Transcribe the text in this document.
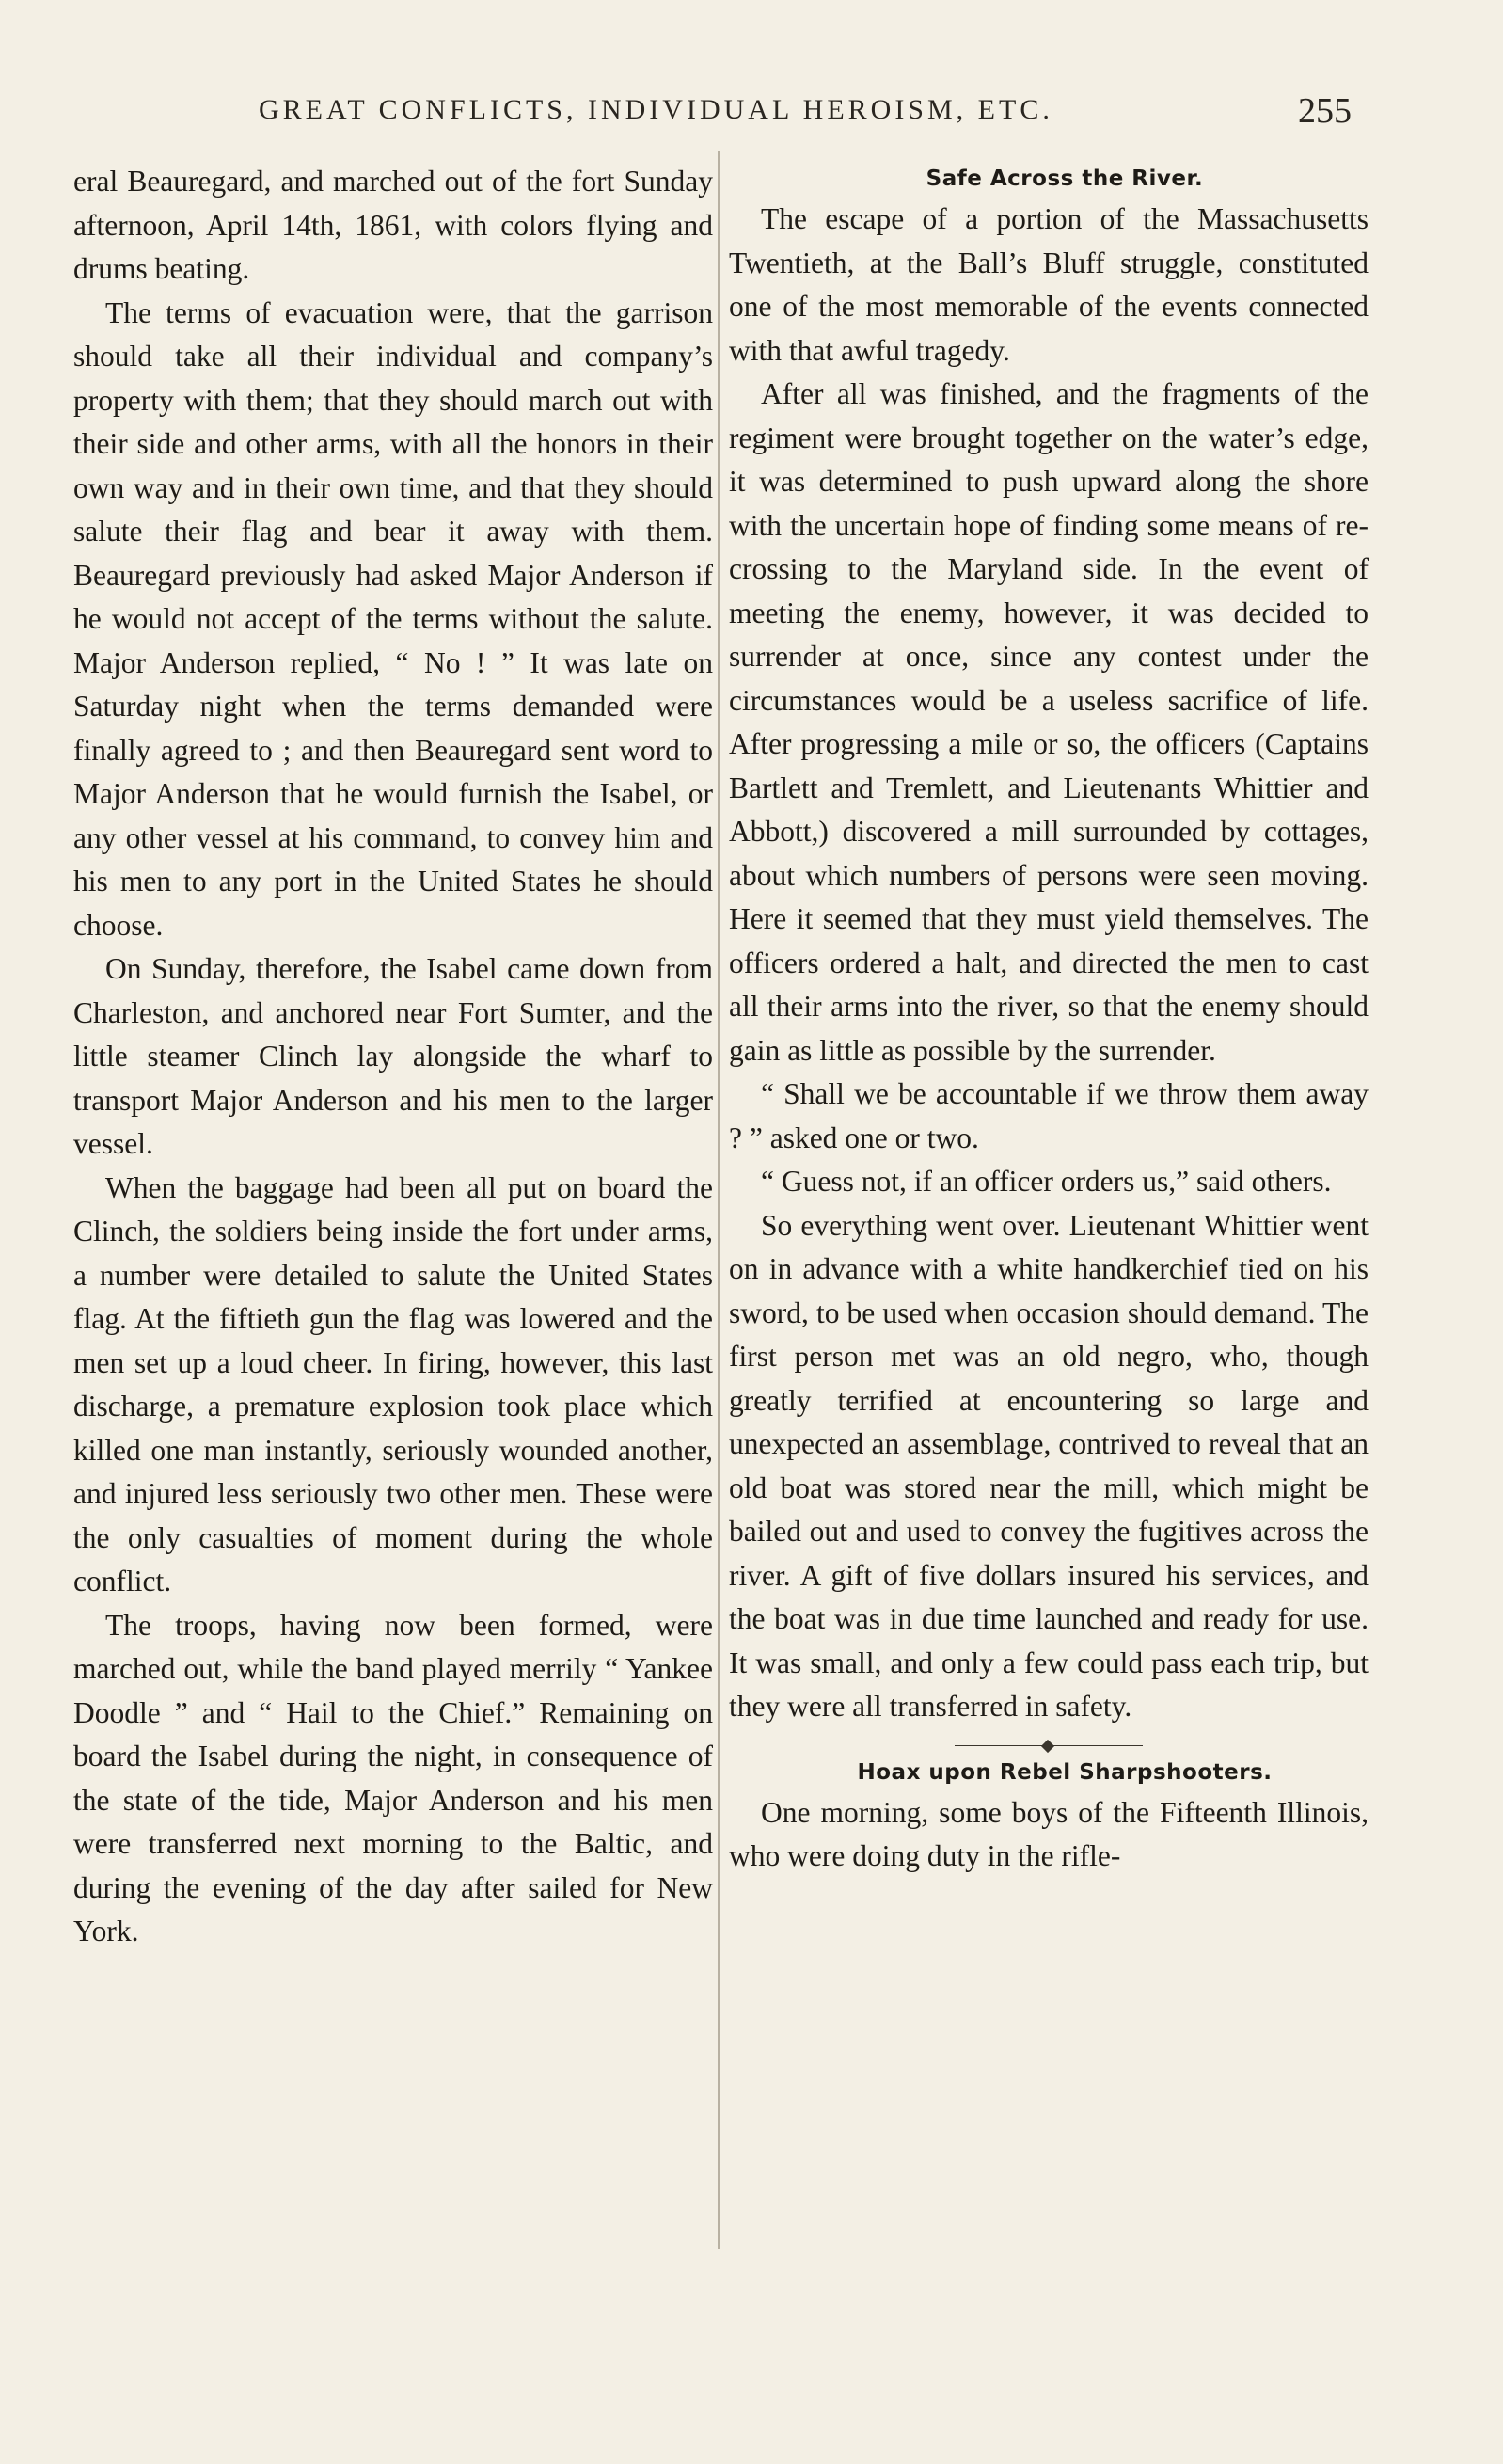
GREAT CONFLICTS, INDIVIDUAL HEROISM, ETC.	255

eral Beauregard, and marched out of the fort Sunday afternoon, April 14th, 1861, with colors flying and drums beating.

The terms of evacuation were, that the garrison should take all their individual and company’s property with them; that they should march out with their side and other arms, with all the honors in their own way and in their own time, and that they should salute their flag and bear it away with them. Beauregard previously had asked Major Anderson if he would not accept of the terms without the salute. Major Anderson replied, “ No ! ” It was late on Saturday night when the terms demanded were finally agreed to ; and then Beauregard sent word to Major Anderson that he would furnish the Isabel, or any other vessel at his command, to convey him and his men to any port in the United States he should choose.

On Sunday, therefore, the Isabel came down from Charleston, and anchored near Fort Sumter, and the little steamer Clinch lay alongside the wharf to transport Major Anderson and his men to the larger vessel.

When the baggage had been all put on board the Clinch, the soldiers being inside the fort under arms, a number were detailed to salute the United States flag. At the fiftieth gun the flag was lowered and the men set up a loud cheer. In firing, however, this last discharge, a premature explosion took place which killed one man instantly, seriously wounded another, and injured less seriously two other men. These were the only casualties of moment during the whole conflict.

The troops, having now been formed, were marched out, while the band played merrily “ Yankee Doodle ” and “ Hail to the Chief.” Remaining on board the Isabel during the night, in consequence of the state of the tide, Major Anderson and his men were transferred next morning to the Baltic, and during the evening of the day after sailed for New York.

Safe Across the River.

The escape of a portion of the Massachusetts Twentieth, at the Ball’s Bluff struggle, constituted one of the most memorable of the events connected with that awful tragedy.

After all was finished, and the fragments of the regiment were brought together on the water’s edge, it was determined to push upward along the shore with the uncertain hope of finding some means of re-crossing to the Maryland side. In the event of meeting the enemy, however, it was decided to surrender at once, since any contest under the circumstances would be a useless sacrifice of life. After progressing a mile or so, the officers (Captains Bartlett and Tremlett, and Lieutenants Whittier and Abbott,) discovered a mill surrounded by cottages, about which numbers of persons were seen moving. Here it seemed that they must yield themselves. The officers ordered a halt, and directed the men to cast all their arms into the river, so that the enemy should gain as little as possible by the surrender.

“ Shall we be accountable if we throw them away ? ” asked one or two.

“ Guess not, if an officer orders us,” said others.

So everything went over. Lieutenant Whittier went on in advance with a white handkerchief tied on his sword, to be used when occasion should demand. The first person met was an old negro, who, though greatly terrified at encountering so large and unexpected an assemblage, contrived to reveal that an old boat was stored near the mill, which might be bailed out and used to convey the fugitives across the river. A gift of five dollars insured his services, and the boat was in due time launched and ready for use. It was small, and only a few could pass each trip, but they were all transferred in safety.

Hoax upon Rebel Sharpshooters.

One morning, some boys of the Fifteenth Illinois, who were doing duty in the rifle-
